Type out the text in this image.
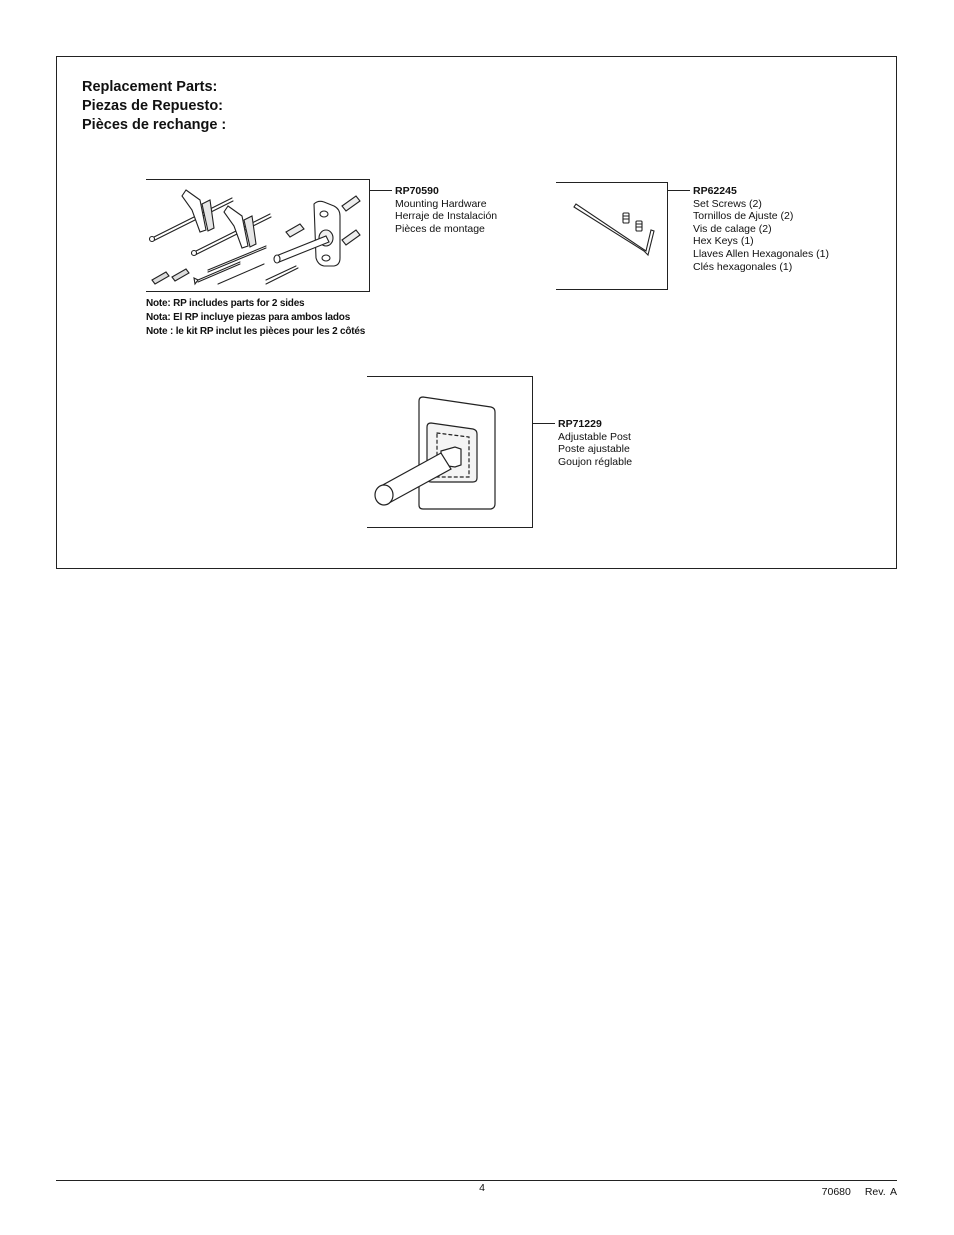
Replacement Parts:
Piezas de Repuesto:
Pièces de rechange :
RP70590
Mounting Hardware
Herraje de Instalación
Pièces de montage
Note: RP includes parts for 2 sides
Nota: El RP incluye piezas para ambos lados
Note : le kit RP inclut les pièces pour les 2 côtés
RP62245
Set Screws (2)
Tornillos de Ajuste (2)
Vis de calage (2)
Hex Keys (1)
Llaves Allen Hexagonales (1)
Clés hexagonales (1)
RP71229
Adjustable Post
Poste ajustable
Goujon réglable
4	70680 Rev. A
